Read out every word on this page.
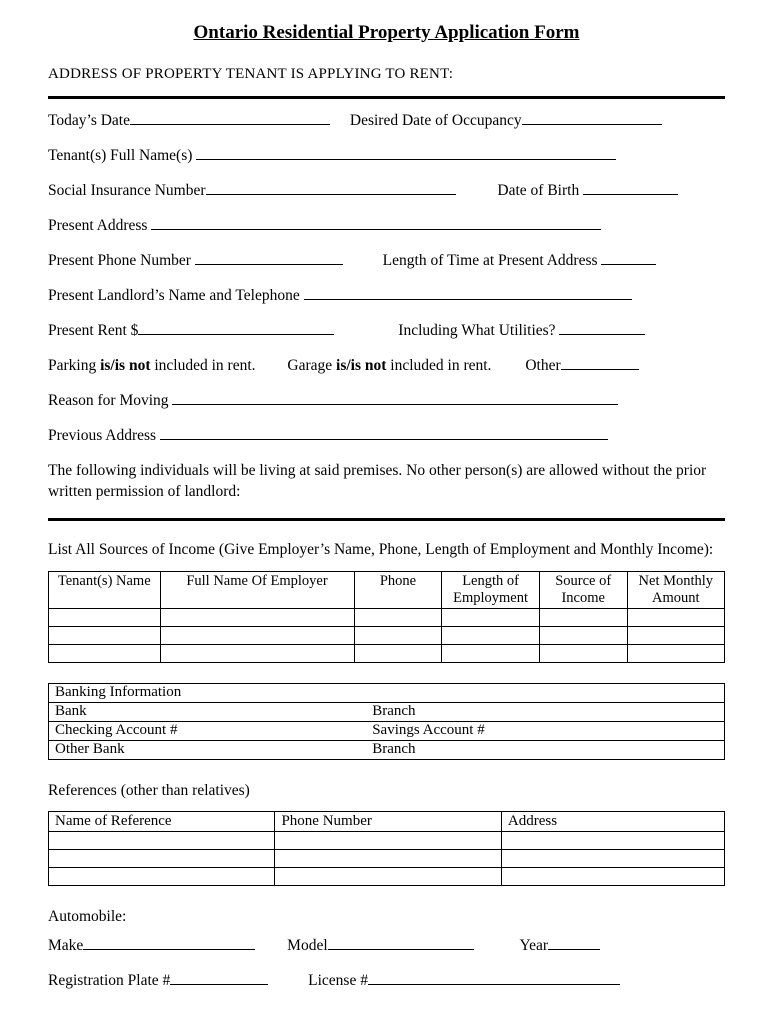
Ontario Residential Property Application Form
ADDRESS OF PROPERTY TENANT IS APPLYING TO RENT:
Today’s Date	Desired Date of Occupancy
Tenant(s) Full Name(s)
Social Insurance Number	Date of Birth
Present Address
Present Phone Number	Length of Time at Present Address
Present Landlord’s Name and Telephone
Present Rent $	Including What Utilities?
Parking is/is not included in rent. Garage is/is not included in rent. Other
Reason for Moving
Previous Address
The following individuals will be living at said premises. No other person(s) are allowed without the prior written permission of landlord:
List All Sources of Income (Give Employer’s Name, Phone, Length of Employment and Monthly Income):
Tenant(s) Name	Full Name Of Employer	Phone	Length of Employment	Source of Income	Net Monthly Amount

Banking Information	
Bank	Branch
Checking Account #	Savings Account #
Other Bank	Branch
References (other than relatives)
Name of Reference	Phone Number	Address

Automobile:
Make	Model	Year
Registration Plate #	License #
